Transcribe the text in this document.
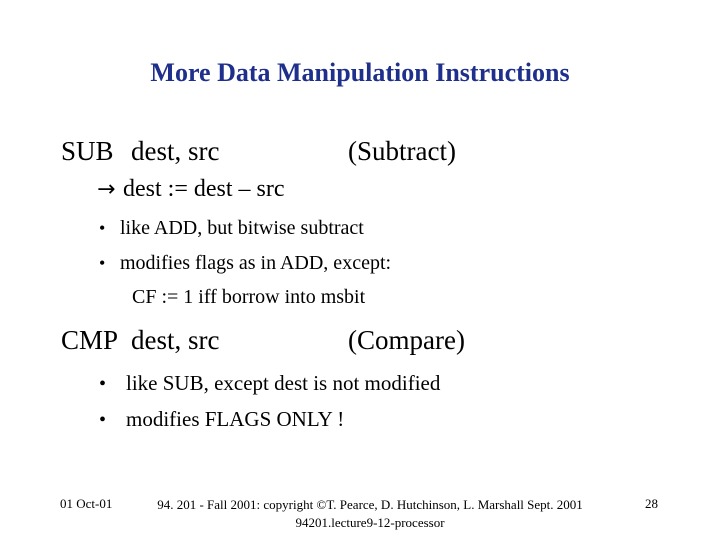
More Data Manipulation Instructions
SUB dest, src	(Subtract)
→ dest := dest – src
• like ADD, but bitwise subtract
• modifies flags as in ADD, except:
CF := 1 iff borrow into msbit
CMP dest, src	(Compare)
• like SUB, except dest is not modified
• modifies FLAGS ONLY !
01 Oct-01	94. 201 - Fall 2001: copyright ©T. Pearce, D. Hutchinson, L. Marshall Sept. 2001
94201.lecture9-12-processor
28
